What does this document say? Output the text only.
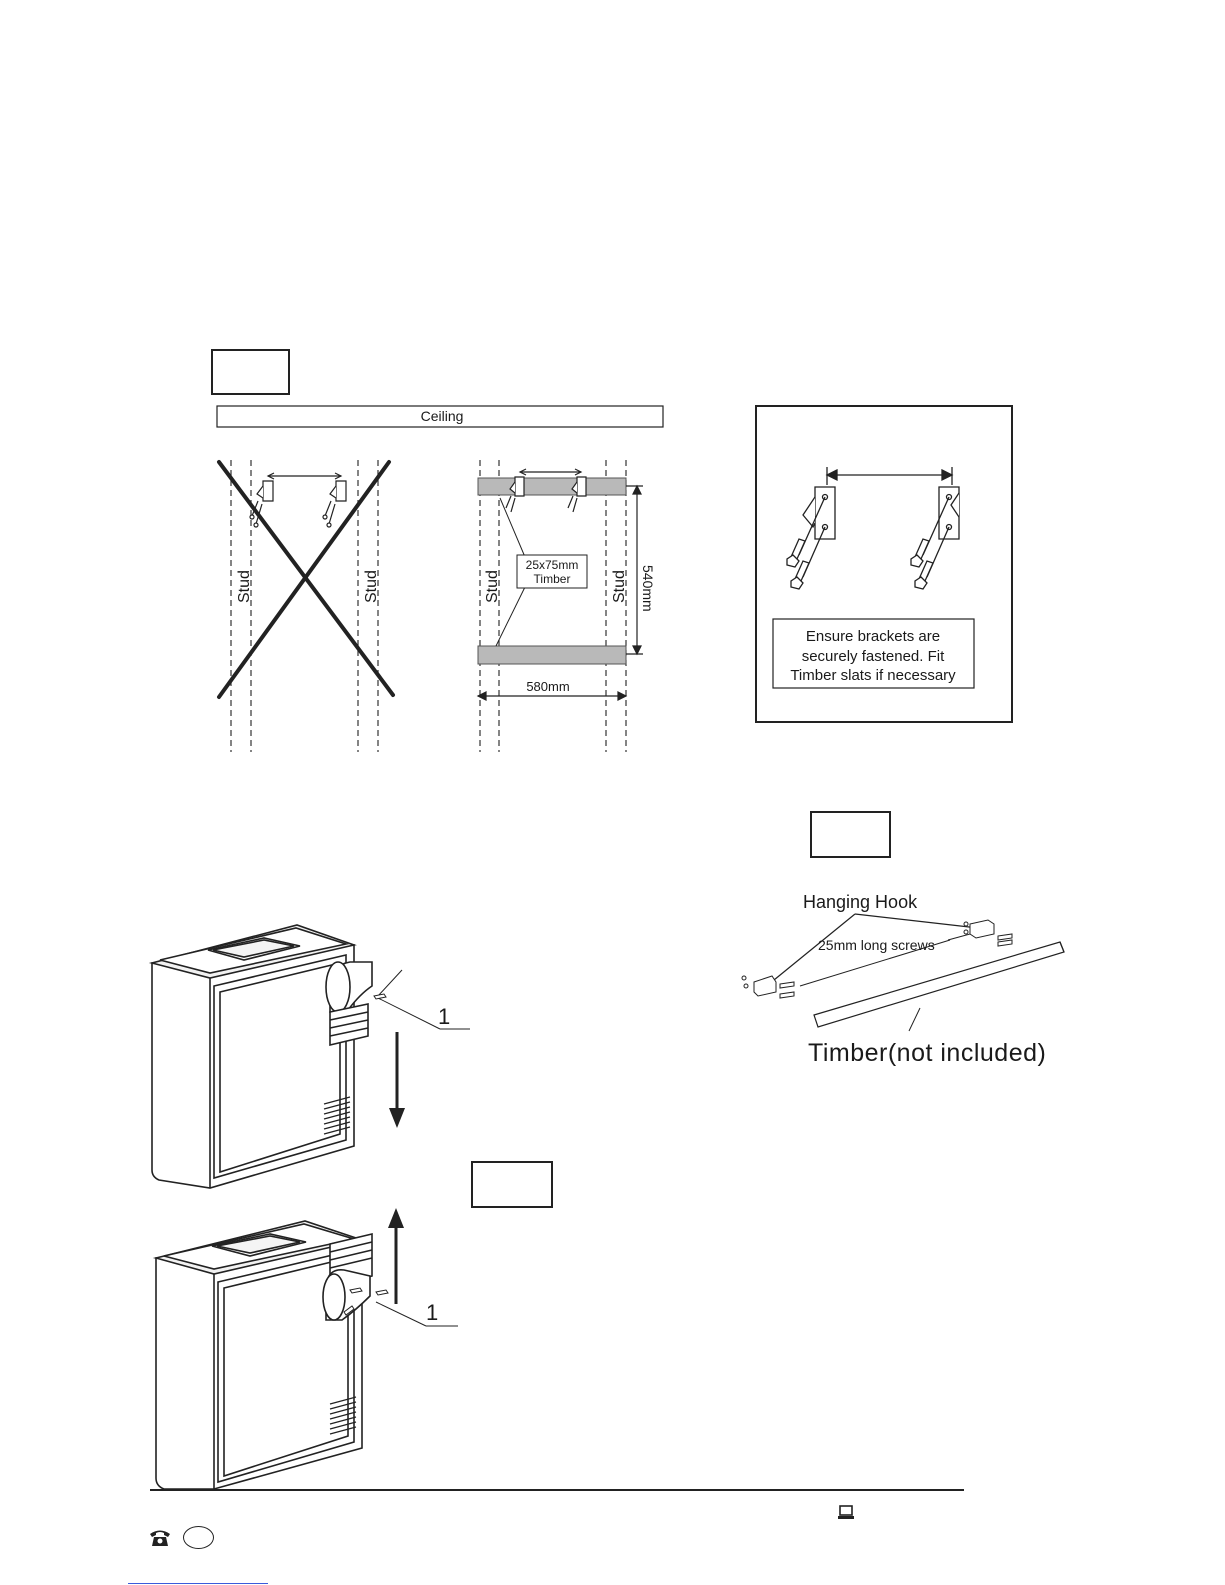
Ceiling
Stud	Stud	Stud	Stud
25x75mm
Timber	540mm
580mm
Ensure brackets are
securely fastened. Fit
Timber slats if necessary
Hanging Hook
25mm long screws
Timber(not included)
1
1
